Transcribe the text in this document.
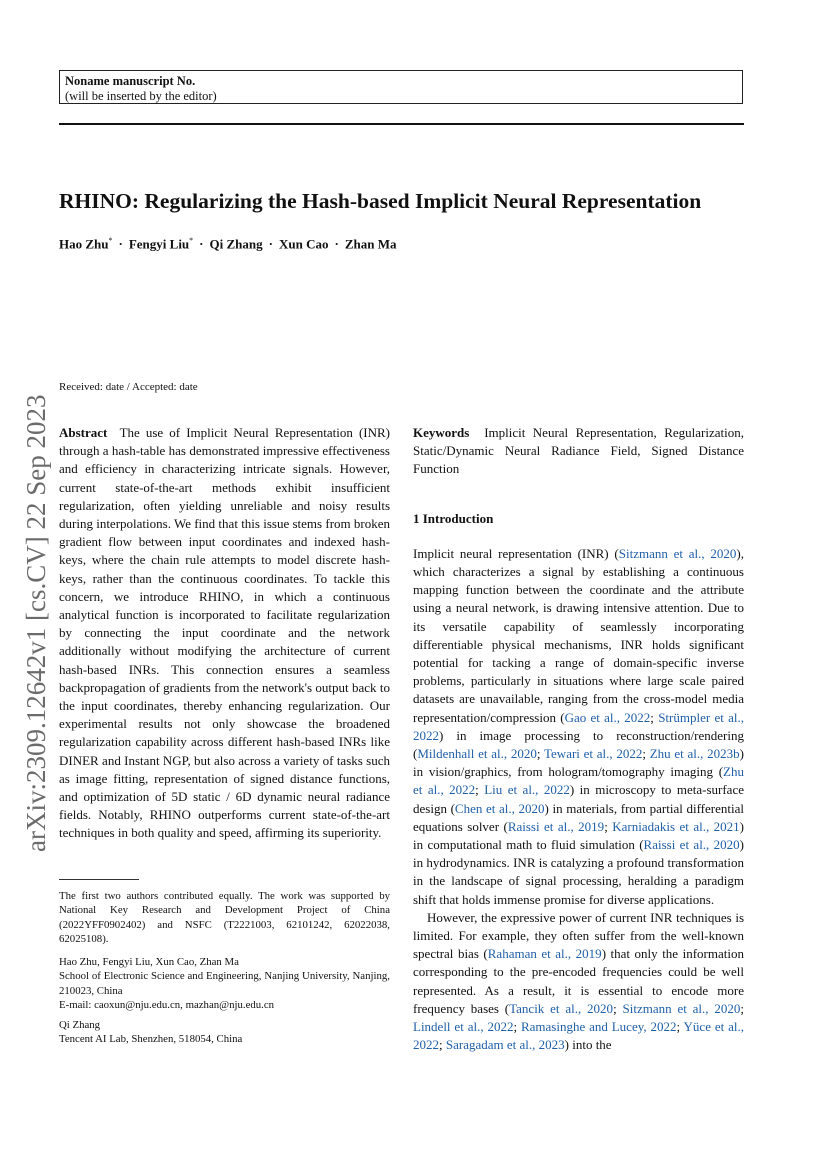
Noname manuscript No.
(will be inserted by the editor)
RHINO: Regularizing the Hash-based Implicit Neural Representation
Hao Zhu* · Fengyi Liu* · Qi Zhang · Xun Cao · Zhan Ma
arXiv:2309.12642v1 [cs.CV] 22 Sep 2023
Received: date / Accepted: date

Abstract The use of Implicit Neural Representation (INR) through a hash-table has demonstrated impressive effectiveness and efficiency in characterizing intricate signals. However, current state-of-the-art methods exhibit insufficient regularization, often yielding unreliable and noisy results during interpolations. We find that this issue stems from broken gradient flow between input coordinates and indexed hash-keys, where the chain rule attempts to model discrete hash-keys, rather than the continuous coordinates. To tackle this concern, we introduce RHINO, in which a continuous analytical function is incorporated to facilitate regularization by connecting the input coordinate and the network additionally without modifying the architecture of current hash-based INRs. This connection ensures a seamless backpropagation of gradients from the network's output back to the input coordinates, thereby enhancing regularization. Our experimental results not only showcase the broadened regularization capability across different hash-based INRs like DINER and Instant NGP, but also across a variety of tasks such as image fitting, representation of signed distance functions, and optimization of 5D static / 6D dynamic neural radiance fields. Notably, RHINO outperforms current state-of-the-art techniques in both quality and speed, affirming its superiority.

The first two authors contributed equally. The work was supported by National Key Research and Development Project of China (2022YFF0902402) and NSFC (T2221003, 62101242, 62022038, 62025108).

Hao Zhu, Fengyi Liu, Xun Cao, Zhan Ma

School of Electronic Science and Engineering, Nanjing University, Nanjing, 210023, China

E-mail: caoxun@nju.edu.cn, mazhan@nju.edu.cn

Qi Zhang

Tencent AI Lab, Shenzhen, 518054, China

Keywords Implicit Neural Representation, Regularization, Static/Dynamic Neural Radiance Field, Signed Distance Function

1 Introduction

Implicit neural representation (INR) (Sitzmann et al., 2020), which characterizes a signal by establishing a continuous mapping function between the coordinate and the attribute using a neural network, is drawing intensive attention. Due to its versatile capability of seamlessly incorporating differentiable physical mechanisms, INR holds significant potential for tacking a range of domain-specific inverse problems, particularly in situations where large scale paired datasets are unavailable, ranging from the cross-model media representation/compression (Gao et al., 2022; Strümpler et al., 2022) in image processing to reconstruction/rendering (Mildenhall et al., 2020; Tewari et al., 2022; Zhu et al., 2023b) in vision/graphics, from hologram/tomography imaging (Zhu et al., 2022; Liu et al., 2022) in microscopy to meta-surface design (Chen et al., 2020) in materials, from partial differential equations solver (Raissi et al., 2019; Karniadakis et al., 2021) in computational math to fluid simulation (Raissi et al., 2020) in hydrodynamics. INR is catalyzing a profound transformation in the landscape of signal processing, heralding a paradigm shift that holds immense promise for diverse applications.

However, the expressive power of current INR techniques is limited. For example, they often suffer from the well-known spectral bias (Rahaman et al., 2019) that only the information corresponding to the pre-encoded frequencies could be well represented. As a result, it is essential to encode more frequency bases (Tancik et al., 2020; Sitzmann et al., 2020; Lindell et al., 2022; Ramasinghe and Lucey, 2022; Yüce et al., 2022; Saragadam et al., 2023) into the
